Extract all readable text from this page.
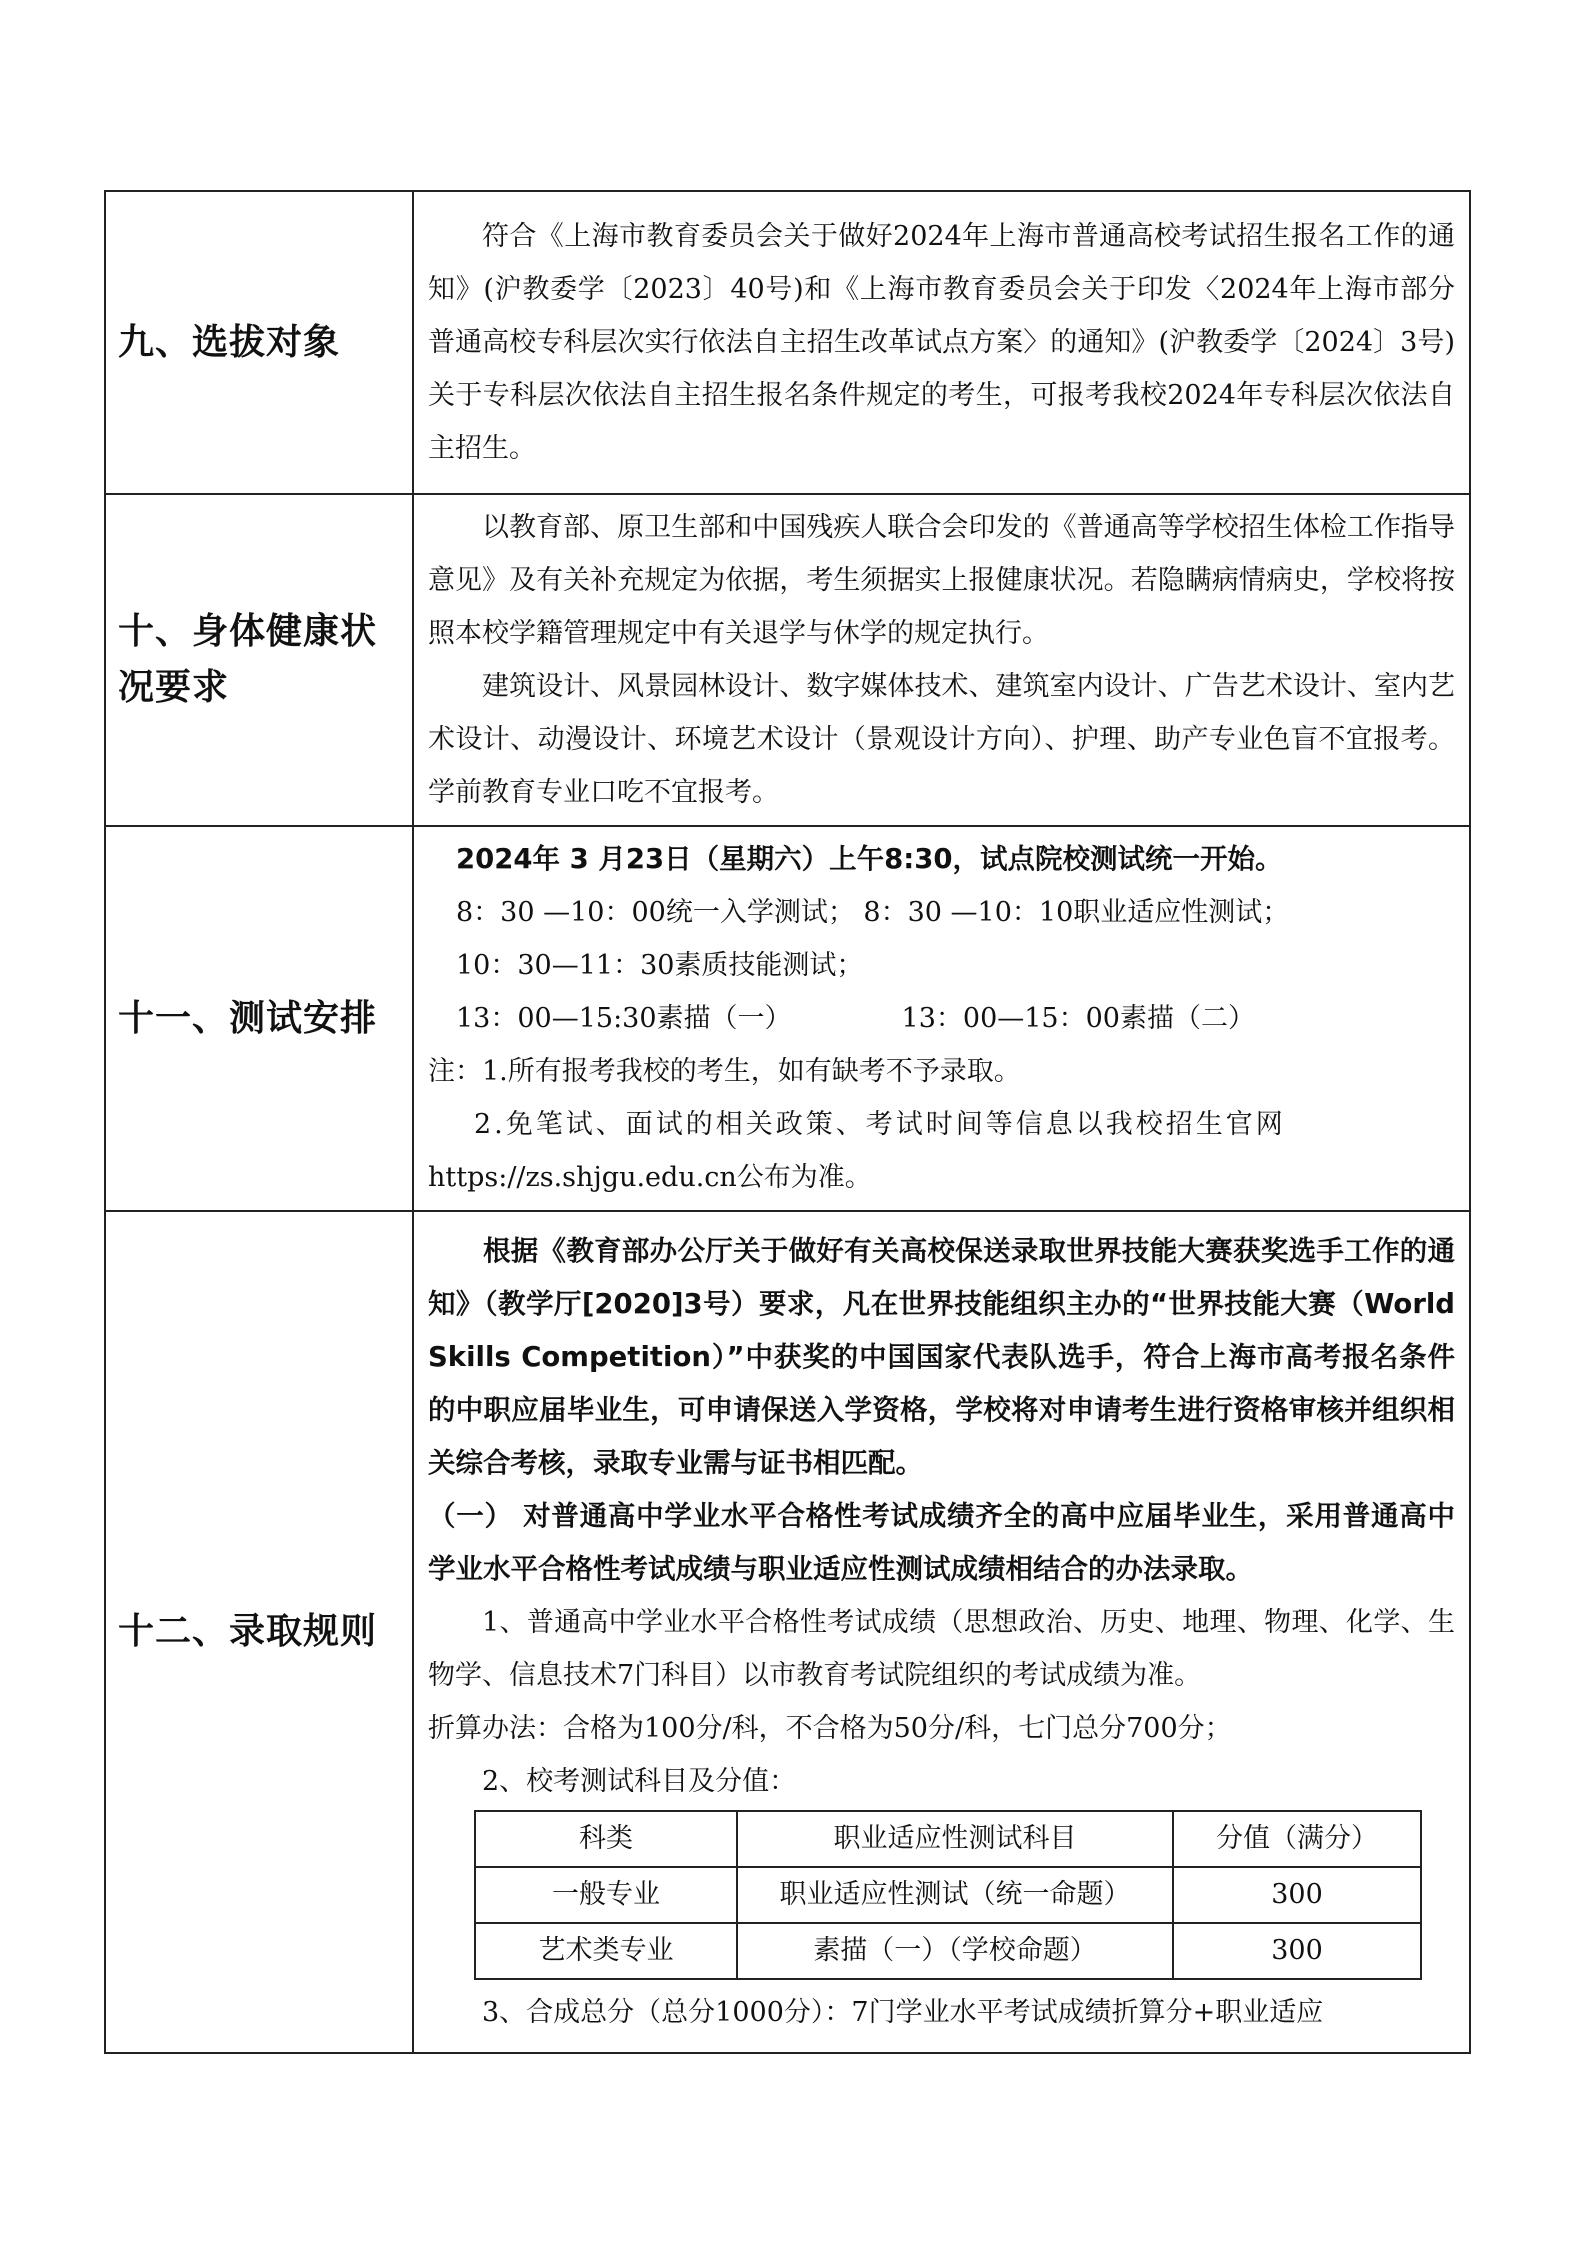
九、选拔对象	

符合《上海市教育委员会关于做好2024年上海市普通高校考试招生报名工作的通知》(沪教委学〔2023〕40号)和《上海市教育委员会关于印发〈2024年上海市部分普通高校专科层次实行依法自主招生改革试点方案〉的通知》(沪教委学〔2024〕3号)关于专科层次依法自主招生报名条件规定的考生，可报考我校2024年专科层次依法自主招生。

十、身体健康状况要求	

以教育部、原卫生部和中国残疾人联合会印发的《普通高等学校招生体检工作指导意见》及有关补充规定为依据，考生须据实上报健康状况。若隐瞒病情病史，学校将按照本校学籍管理规定中有关退学与休学的规定执行。

建筑设计、风景园林设计、数字媒体技术、建筑室内设计、广告艺术设计、室内艺术设计、动漫设计、环境艺术设计（景观设计方向）、护理、助产专业色盲不宜报考。学前教育专业口吃不宜报考。

十一、测试安排	

2024年 3 月23日（星期六）上午8:30，试点院校测试统一开始。

8：30 —10：00统一入学测试； 8：30 —10：10职业适应性测试；

10：30—11：30素质技能测试；

13：00—15:30素描（一）	13：00—15：00素描（二）

注：1.所有报考我校的考生，如有缺考不予录取。

2.免笔试、面试的相关政策、考试时间等信息以我校招生官网

https://zs.shjgu.edu.cn公布为准。

十二、录取规则	

根据《教育部办公厅关于做好有关高校保送录取世界技能大赛获奖选手工作的通知》（教学厅[2020]3号）要求，凡在世界技能组织主办的“世界技能大赛（World Skills Competition）”中获奖的中国国家代表队选手，符合上海市高考报名条件的中职应届毕业生，可申请保送入学资格，学校将对申请考生进行资格审核并组织相关综合考核，录取专业需与证书相匹配。

（一） 对普通高中学业水平合格性考试成绩齐全的高中应届毕业生，采用普通高中学业水平合格性考试成绩与职业适应性测试成绩相结合的办法录取。

1、普通高中学业水平合格性考试成绩（思想政治、历史、地理、物理、化学、生物学、信息技术7门科目）以市教育考试院组织的考试成绩为准。

折算办法：合格为100分/科，不合格为50分/科，七门总分700分；

2、校考测试科目及分值：

科类	职业适应性测试科目	分值（满分）
一般专业	职业适应性测试（统一命题）	300
艺术类专业	素描（一）（学校命题）	300

3、合成总分（总分1000分）：7门学业水平考试成绩折算分+职业适应
